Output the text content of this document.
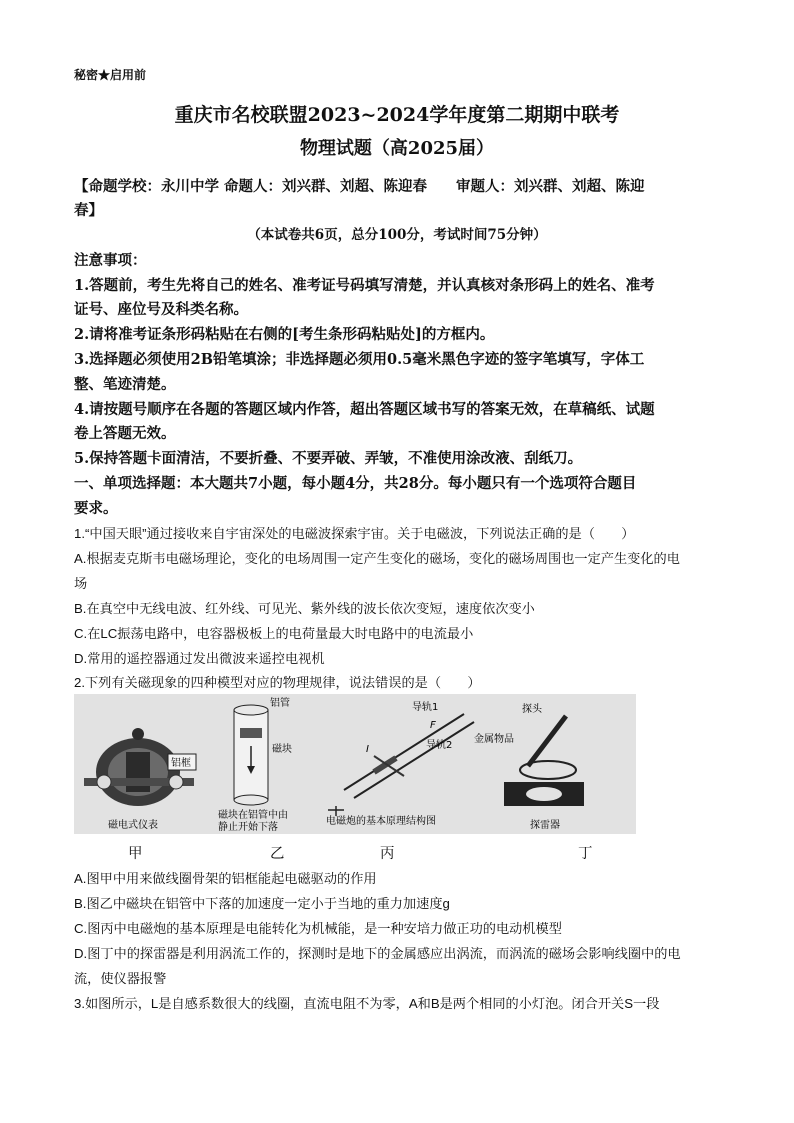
秘密★启用前
重庆市名校联盟2023~2024学年度第二期期中联考
物理试题（高2025届）
【命题学校：永川中学 命题人：刘兴群、刘超、陈迎春　　审题人：刘兴群、刘超、陈迎
春】
（本试卷共6页，总分100分，考试时间75分钟）
注意事项：
1.答题前，考生先将自己的姓名、准考证号码填写清楚，并认真核对条形码上的姓名、准考
证号、座位号及科类名称。
2.请将准考证条形码粘贴在右侧的[考生条形码粘贴处]的方框内。
3.选择题必须使用2B铅笔填涂；非选择题必须用0.5毫米黑色字迹的签字笔填写，字体工
整、笔迹清楚。
4.请按题号顺序在各题的答题区域内作答，超出答题区域书写的答案无效，在草稿纸、试题
卷上答题无效。
5.保持答题卡面清洁，不要折叠、不要弄破、弄皱，不准使用涂改液、刮纸刀。
一、单项选择题：本大题共7小题，每小题4分，共28分。每小题只有一个选项符合题目
要求。
1.“中国天眼”通过接收来自宇宙深处的电磁波探索宇宙。关于电磁波，下列说法正确的是（　　）
A.根据麦克斯韦电磁场理论，变化的电场周围一定产生变化的磁场，变化的磁场周围也一定产生变化的电
场
B.在真空中无线电波、红外线、可见光、紫外线的波长依次变短，速度依次变小
C.在LC振荡电路中，电容器极板上的电荷量最大时电路中的电流最小
D.常用的遥控器通过发出微波来遥控电视机
2.下列有关磁现象的四种模型对应的物理规律，说法错误的是（　　）
铝框
磁电式仪表
铝管
磁块
磁块在铝管中由
静止开始下落
导轨1
导轨2
F
I
电磁炮的基本原理结构图
探头
金属物品
探雷器
甲	乙	丙	丁
A.图甲中用来做线圈骨架的铝框能起电磁驱动的作用
B.图乙中磁块在铝管中下落的加速度一定小于当地的重力加速度g
C.图丙中电磁炮的基本原理是电能转化为机械能，是一种安培力做正功的电动机模型
D.图丁中的探雷器是利用涡流工作的，探测时是地下的金属感应出涡流，而涡流的磁场会影响线圈中的电
流，使仪器报警
3.如图所示，L是自感系数很大的线圈，直流电阻不为零，A和B是两个相同的小灯泡。闭合开关S一段
